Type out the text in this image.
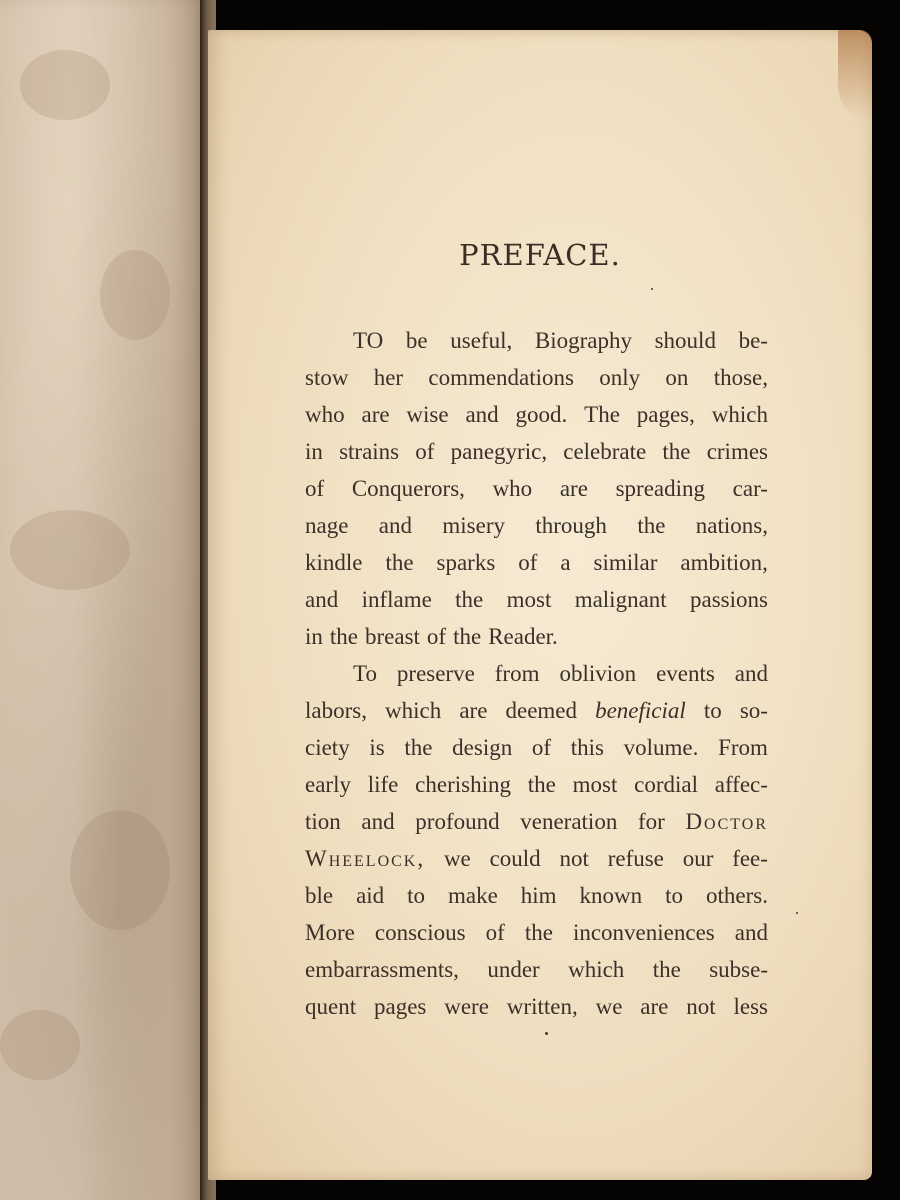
PREFACE.
TO be useful, Biography should be-
stow her commendations only on those,
who are wise and good. The pages, which
in strains of panegyric, celebrate the crimes
of Conquerors, who are spreading car-
nage and misery through the nations,
kindle the sparks of a similar ambition,
and inflame the most malignant passions
in the breast of the Reader.
To preserve from oblivion events and
labors, which are deemed beneficial to so-
ciety is the design of this volume. From
early life cherishing the most cordial affec-
tion and profound veneration for Doctor
Wheelock, we could not refuse our fee-
ble aid to make him known to others.
More conscious of the inconveniences and
embarrassments, under which the subse-
quent pages were written, we are not less
